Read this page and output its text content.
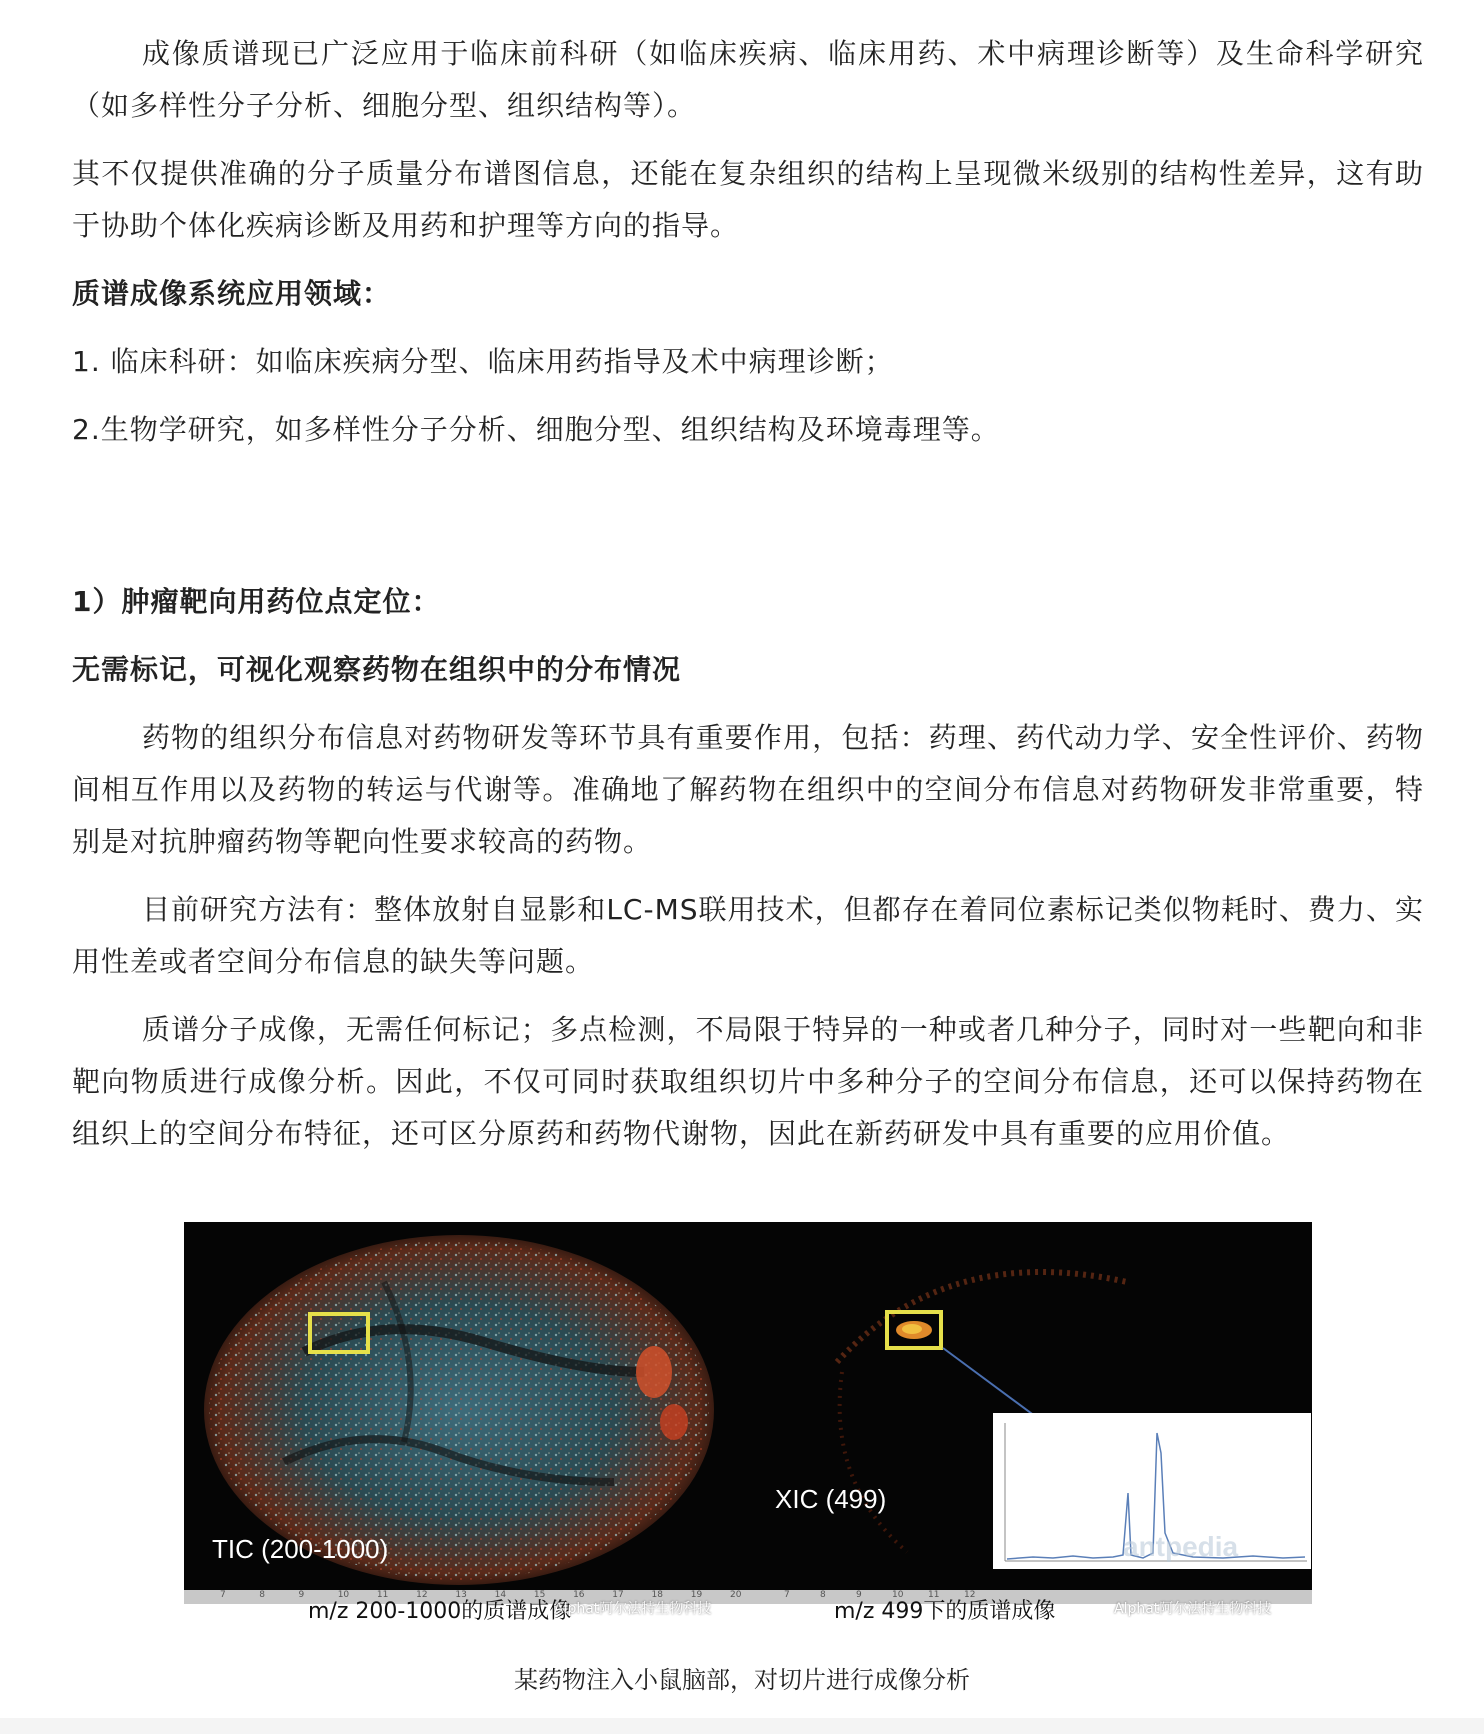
成像质谱现已广泛应用于临床前科研（如临床疾病、临床用药、术中病理诊断等）及生命科学研究（如多样性分子分析、细胞分型、组织结构等）。

其不仅提供准确的分子质量分布谱图信息，还能在复杂组织的结构上呈现微米级别的结构性差异，这有助于协助个体化疾病诊断及用药和护理等方向的指导。

质谱成像系统应用领域：

1. 临床科研：如临床疾病分型、临床用药指导及术中病理诊断；

2.生物学研究，如多样性分子分析、细胞分型、组织结构及环境毒理等。

1）肿瘤靶向用药位点定位：

无需标记，可视化观察药物在组织中的分布情况

药物的组织分布信息对药物研发等环节具有重要作用，包括：药理、药代动力学、安全性评价、药物间相互作用以及药物的转运与代谢等。准确地了解药物在组织中的空间分布信息对药物研发非常重要，特别是对抗肿瘤药物等靶向性要求较高的药物。

目前研究方法有：整体放射自显影和LC-MS联用技术，但都存在着同位素标记类似物耗时、费力、实用性差或者空间分布信息的缺失等问题。

质谱分子成像，无需任何标记；多点检测，不局限于特异的一种或者几种分子，同时对一些靶向和非靶向物质进行成像分析。因此，不仅可同时获取组织切片中多种分子的空间分布信息，还可以保持药物在组织上的空间分布特征，还可区分原药和药物代谢物，因此在新药研发中具有重要的应用价值。

TIC (200-1000)
XIC (499)
7	8	9	10	11	12	13	14	15	16	17	18	19	20	7	8	9	10	11	12
m/z 200-1000的质谱成像	m/z 499下的质谱成像
Alphat阿尔法特生物科技	Alphat阿尔法特生物科技
antpedia
某药物注入小鼠脑部，对切片进行成像分析
